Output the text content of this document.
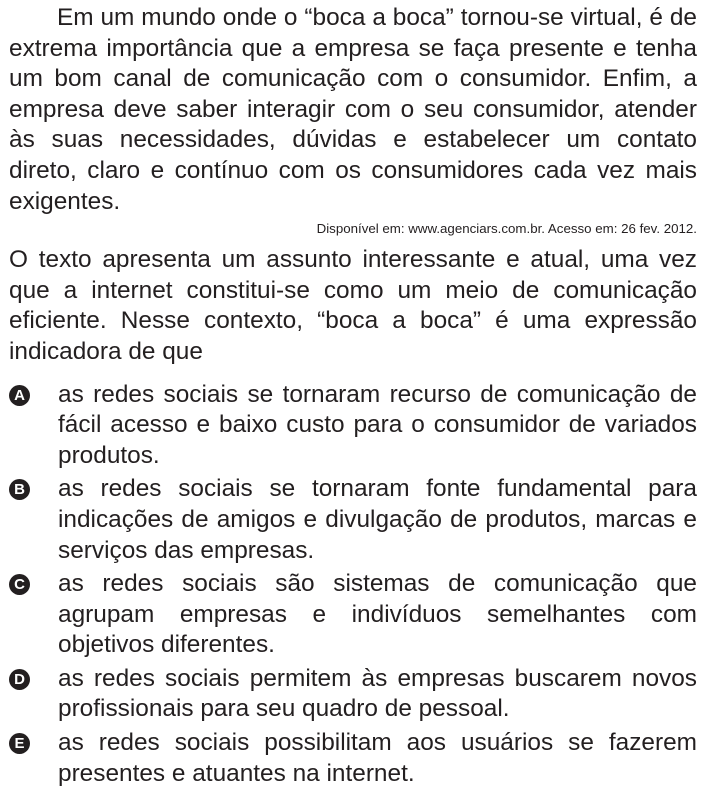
Em um mundo onde o “boca a boca” tornou-se virtual, é de extrema importância que a empresa se faça presente e tenha um bom canal de comunicação com o consumidor. Enfim, a empresa deve saber interagir com o seu consumidor, atender às suas necessidades, dúvidas e estabelecer um contato direto, claro e contínuo com os consumidores cada vez mais exigentes.

Disponível em: www.agenciars.com.br. Acesso em: 26 fev. 2012.

O texto apresenta um assunto interessante e atual, uma vez que a internet constitui-se como um meio de comunicação eficiente. Nesse contexto, “boca a boca” é uma expressão indicadora de que

A as redes sociais se tornaram recurso de comunicação de fácil acesso e baixo custo para o consumidor de variados produtos.
B as redes sociais se tornaram fonte fundamental para indicações de amigos e divulgação de produtos, marcas e serviços das empresas.
C as redes sociais são sistemas de comunicação que agrupam empresas e indivíduos semelhantes com objetivos diferentes.
D as redes sociais permitem às empresas buscarem novos profissionais para seu quadro de pessoal.
E as redes sociais possibilitam aos usuários se fazerem presentes e atuantes na internet.
